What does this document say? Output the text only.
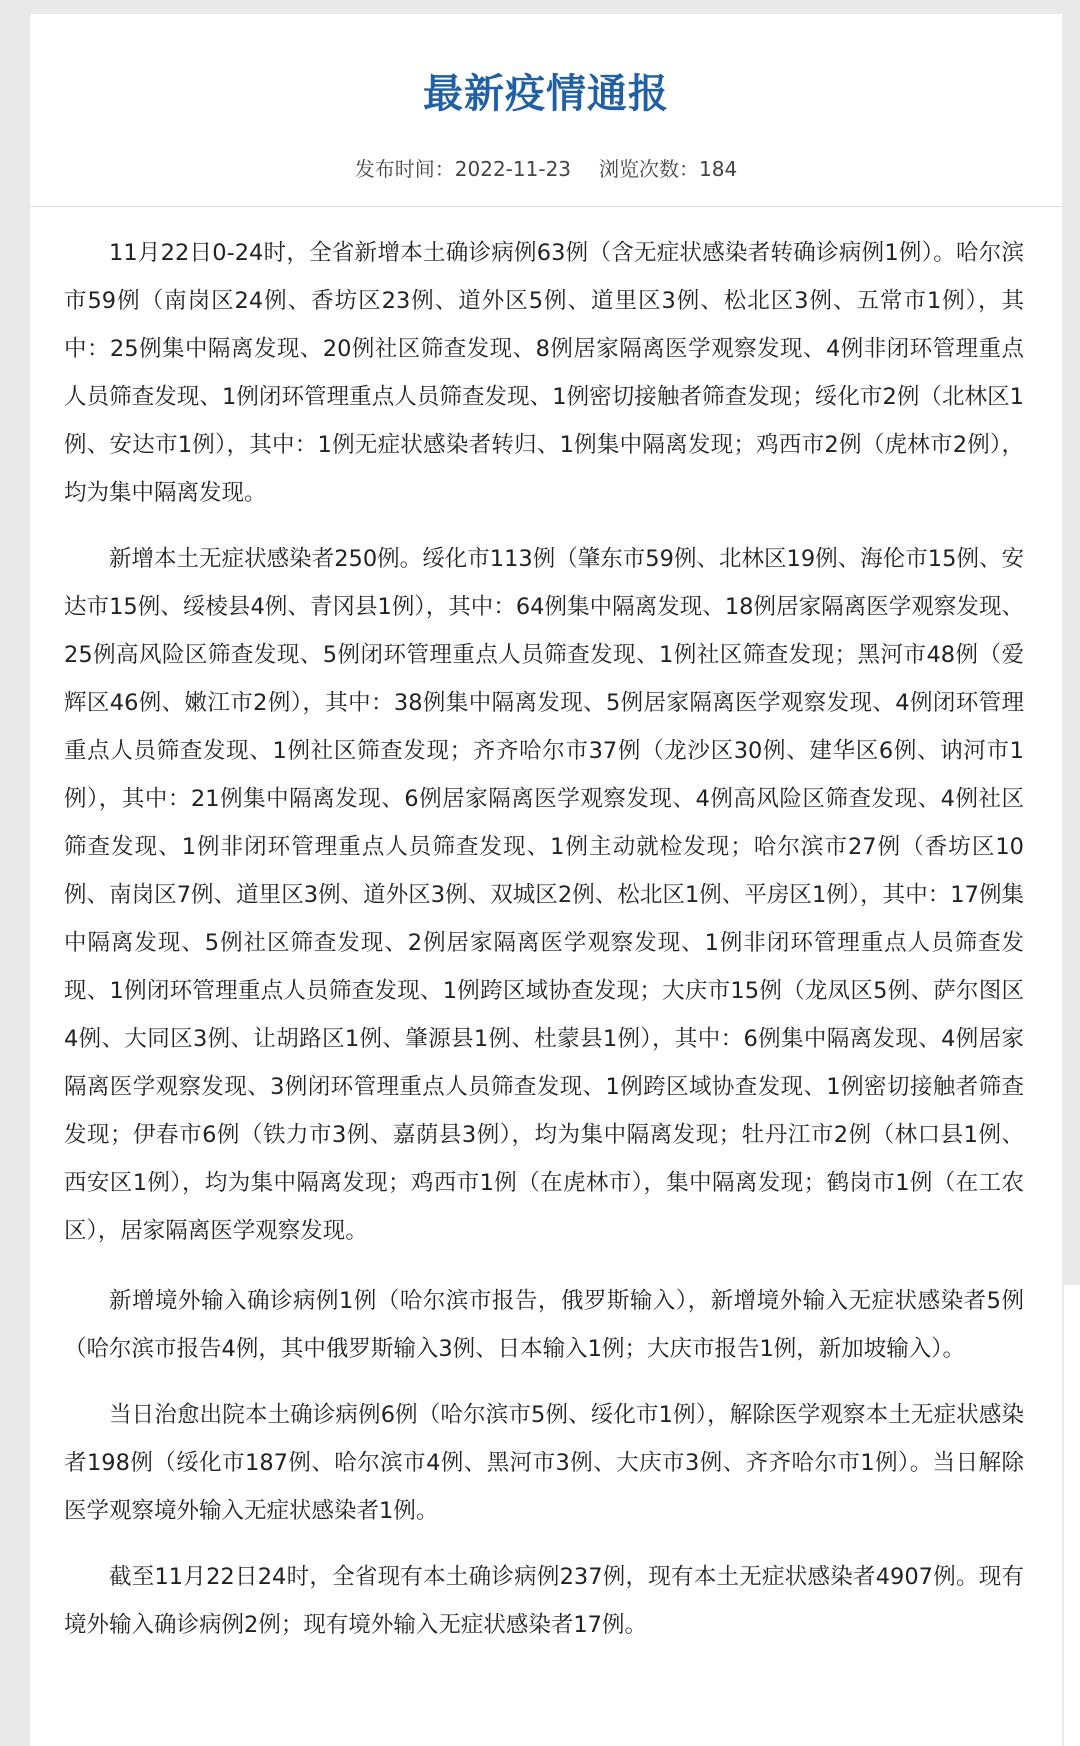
最新疫情通报
发布时间：2022-11-23 浏览次数：184

11月22日0-24时，全省新增本土确诊病例63例（含无症状感染者转确诊病例1例）。哈尔滨市59例（南岗区24例、香坊区23例、道外区5例、道里区3例、松北区3例、五常市1例），其中：25例集中隔离发现、20例社区筛查发现、8例居家隔离医学观察发现、4例非闭环管理重点人员筛查发现、1例闭环管理重点人员筛查发现、1例密切接触者筛查发现；绥化市2例（北林区1例、安达市1例），其中：1例无症状感染者转归、1例集中隔离发现；鸡西市2例（虎林市2例），均为集中隔离发现。

新增本土无症状感染者250例。绥化市113例（肇东市59例、北林区19例、海伦市15例、安达市15例、绥棱县4例、青冈县1例），其中：64例集中隔离发现、18例居家隔离医学观察发现、25例高风险区筛查发现、5例闭环管理重点人员筛查发现、1例社区筛查发现；黑河市48例（爱辉区46例、嫩江市2例），其中：38例集中隔离发现、5例居家隔离医学观察发现、4例闭环管理重点人员筛查发现、1例社区筛查发现；齐齐哈尔市37例（龙沙区30例、建华区6例、讷河市1例），其中：21例集中隔离发现、6例居家隔离医学观察发现、4例高风险区筛查发现、4例社区筛查发现、1例非闭环管理重点人员筛查发现、1例主动就检发现；哈尔滨市27例（香坊区10例、南岗区7例、道里区3例、道外区3例、双城区2例、松北区1例、平房区1例），其中：17例集中隔离发现、5例社区筛查发现、2例居家隔离医学观察发现、1例非闭环管理重点人员筛查发现、1例闭环管理重点人员筛查发现、1例跨区域协查发现；大庆市15例（龙凤区5例、萨尔图区4例、大同区3例、让胡路区1例、肇源县1例、杜蒙县1例），其中：6例集中隔离发现、4例居家隔离医学观察发现、3例闭环管理重点人员筛查发现、1例跨区域协查发现、1例密切接触者筛查发现；伊春市6例（铁力市3例、嘉荫县3例），均为集中隔离发现；牡丹江市2例（林口县1例、西安区1例），均为集中隔离发现；鸡西市1例（在虎林市），集中隔离发现；鹤岗市1例（在工农区），居家隔离医学观察发现。

新增境外输入确诊病例1例（哈尔滨市报告，俄罗斯输入），新增境外输入无症状感染者5例（哈尔滨市报告4例，其中俄罗斯输入3例、日本输入1例；大庆市报告1例，新加坡输入）。

当日治愈出院本土确诊病例6例（哈尔滨市5例、绥化市1例），解除医学观察本土无症状感染者198例（绥化市187例、哈尔滨市4例、黑河市3例、大庆市3例、齐齐哈尔市1例）。当日解除医学观察境外输入无症状感染者1例。

截至11月22日24时，全省现有本土确诊病例237例，现有本土无症状感染者4907例。现有境外输入确诊病例2例；现有境外输入无症状感染者17例。
